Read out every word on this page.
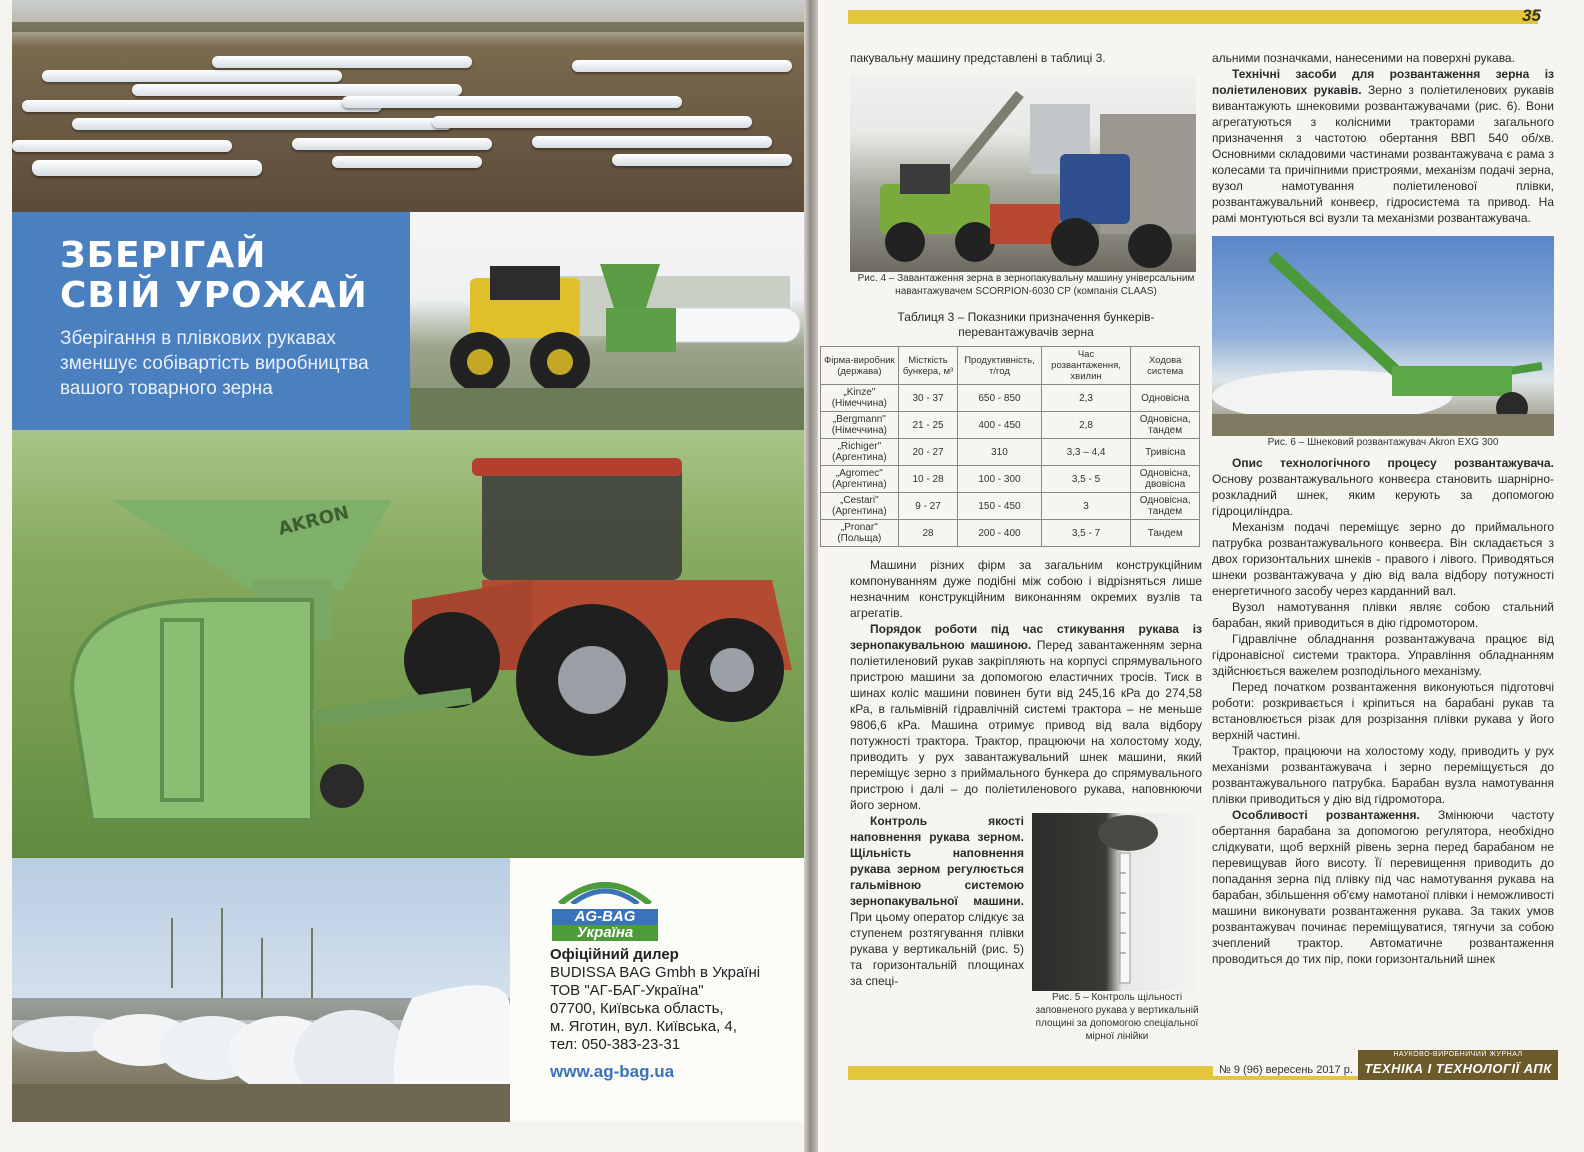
ЗБЕРІГАЙ
СВІЙ УРОЖАЙ
Зберігання в плівкових рукавах зменшує собівартість виробництва вашого товарного зерна
AKRON
AG-BAG
Україна
Офіційний дилер
BUDISSA BAG Gmbh в Україні
ТОВ "АГ-БАГ-Україна"
07700, Київська область,
м. Яготин, вул. Київська, 4,
тел: 050-383-23-31
www.ag-bag.ua
35

пакувальну машину представлені в таблиці 3.

Рис. 4 – Завантаження зерна в зернопакувальну машину універсальним навантажувачем SCORPION-6030 CP (компанія CLAAS)

Таблиця 3 – Показники призначення бункерів-перевантажувачів зерна

Фірма-виробник (держава)	Місткість бункера, м³	Продуктивність, т/год	Час розвантаження, хвилин	Ходова система
„Kinze" (Німеччина)	30 - 37	650 - 850	2,3	Одновісна
„Bergmann" (Німеччина)	21 - 25	400 - 450	2,8	Одновісна, тандем
„Richiger" (Аргентина)	20 - 27	310	3,3 – 4,4	Тривісна
„Agromec" (Аргентина)	10 - 28	100 - 300	3,5 - 5	Одновісна, двовісна
„Cestari" (Аргентина)	9 - 27	150 - 450	3	Одновісна, тандем
„Pronar" (Польща)	28	200 - 400	3,5 - 7	Тандем

Машини різних фірм за загальним конструкційним компонуванням дуже подібні між собою і відрізняться лише незначним конструкційним виконанням окремих вузлів та агрегатів.

Порядок роботи під час стикування рукава із зернопакувальною машиною. Перед завантаженням зерна поліетиленовий рукав закріпляють на корпусі спрямувального пристрою машини за допомогою еластичних тросів. Тиск в шинах коліс машини повинен бути від 245,16 кРа до 274,58 кРа, в гальмівній гідравлічній системі трактора – не меньше 9806,6 кРа. Машина отримує привод від вала відбору потужності трактора. Трактор, працюючи на холостому ходу, приводить у рух завантажувальний шнек машини, який переміщує зерно з приймального бункера до спрямувального пристрою і далі – до поліетиленового рукава, наповнюючи його зерном.

Рис. 5 – Контроль щільності заповненого рукава у вертикальній площині за допомогою спеціальної мірної лінійки

Контроль якості наповнення рукава зерном. Щільність наповнення рукава зерном регулюється гальмівною системою зернопакувальної машини. При цьому оператор слідкує за ступенем розтягування плівки рукава у вертикальній (рис. 5) та горизонтальній площинах за спеці-

альними позначками, нанесеними на поверхні рукава.

Технічні засоби для розвантаження зерна із поліетиленових рукавів. Зерно з поліетиленових рукавів вивантажують шнековими розвантажувачами (рис. 6). Вони агрегатуються з колісними тракторами загального призначення з частотою обертання ВВП 540 об/хв. Основними складовими частинами розвантажувача є рама з колесами та причіпними пристроями, механізм подачі зерна, вузол намотування поліетиленової плівки, розвантажувальний конвеєр, гідросистема та привод. На рамі монтуються всі вузли та механізми розвантажувача.

Рис. 6 – Шнековий розвантажувач Akron EXG 300

Опис технологічного процесу розвантажувача. Основу розвантажувального конвеєра становить шарнірно-розкладний шнек, яким керують за допомогою гідроциліндра.

Механізм подачі переміщує зерно до приймального патрубка розвантажувального конвеєра. Він складається з двох горизонтальних шнеків - правого і лівого. Приводяться шнеки розвантажувача у дію від вала відбору потужності енергетичного засобу через карданний вал.

Вузол намотування плівки являє собою стальний барабан, який приводиться в дію гідромотором.

Гідравлічне обладнання розвантажувача працює від гідронавісної системи трактора. Управління обладнанням здійснюється важелем розподільного механізму.

Перед початком розвантаження виконуються підготовчі роботи: розкривається і кріпиться на барабані рукав та встановлюється різак для розрізання плівки рукава у його верхній частині.

Трактор, працюючи на холостому ходу, приводить у рух механізми розвантажувача і зерно переміщується до розвантажувального патрубка. Барабан вузла намотування плівки приводиться у дію від гідромотора.

Особливості розвантаження. Змінюючи частоту обертання барабана за допомогою регулятора, необхідно слідкувати, щоб верхній рівень зерна перед барабаном не перевищував його висоту. Її перевищення приводить до попадання зерна під плівку під час намотування рукава на барабан, збільшення об'єму намотаної плівки і неможливості машини виконувати розвантаження рукава. За таких умов розвантажувач починає переміщуватися, тягнучи за собою зчеплений трактор. Автоматичне розвантаження проводиться до тих пір, поки горизонтальний шнек

№ 9 (96) вересень 2017 р.
НАУКОВО-ВИРОБНИЧИЙ ЖУРНАЛ
ТЕХНІКА І ТЕХНОЛОГІЇ АПК
